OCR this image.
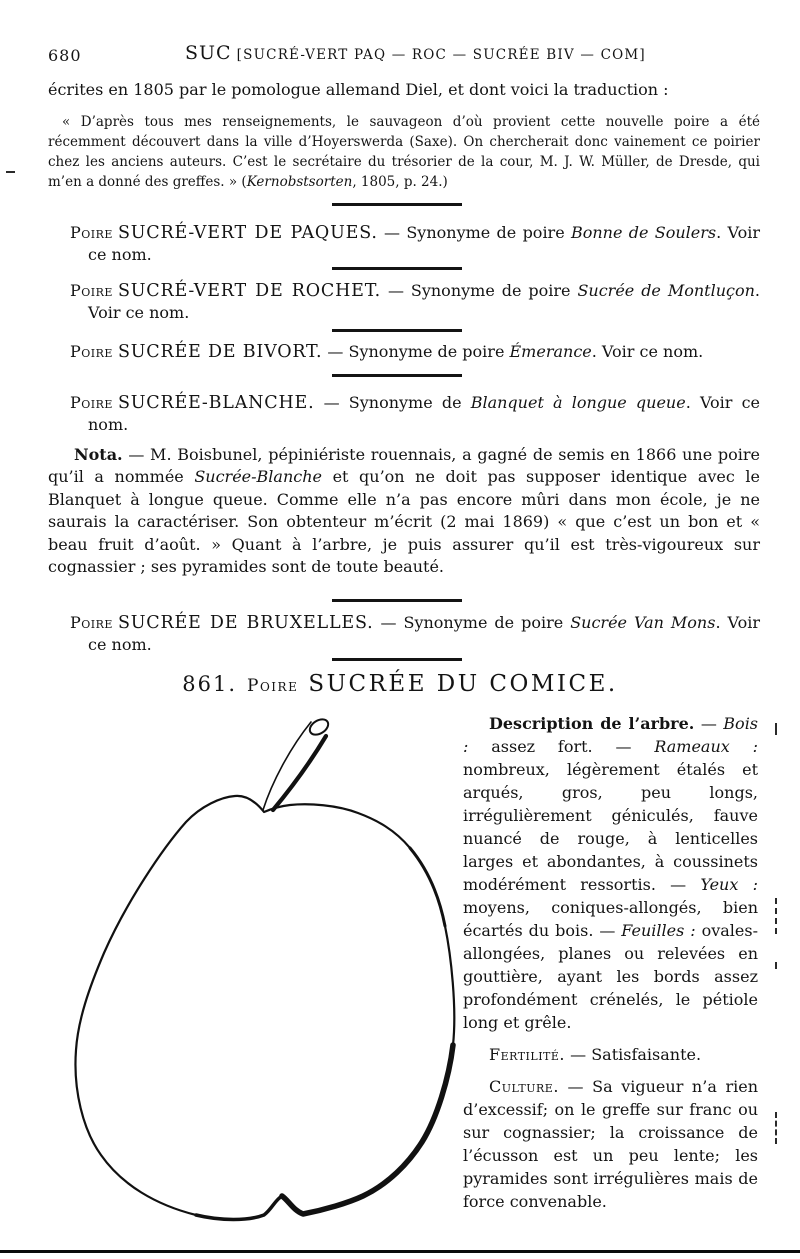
680	SUC [SUCRÉ-VERT PAQ — ROC — SUCRÉE BIV — COM]

écrites en 1805 par le pomologue allemand Diel, et dont voici la traduction :

« D’après tous mes renseignements, le sauvageon d’où provient cette nouvelle poire a été récemment découvert dans la ville d’Hoyerswerda (Saxe). On chercherait donc vainement ce poirier chez les anciens auteurs. C’est le secrétaire du trésorier de la cour, M. J. W. Müller, de Dresde, qui m’en a donné des greffes. » (Kernobstsorten, 1805, p. 24.)

Poire SUCRÉ-VERT DE PAQUES. — Synonyme de poire Bonne de Soulers. Voir ce nom.

Poire SUCRÉ-VERT DE ROCHET. — Synonyme de poire Sucrée de Montluçon. Voir ce nom.

Poire SUCRÉE DE BIVORT. — Synonyme de poire Émerance. Voir ce nom.

Poire SUCRÉE-BLANCHE. — Synonyme de Blanquet à longue queue. Voir ce nom.

Nota. — M. Boisbunel, pépiniériste rouennais, a gagné de semis en 1866 une poire qu’il a nommée Sucrée-Blanche et qu’on ne doit pas supposer identique avec le Blanquet à longue queue. Comme elle n’a pas encore mûri dans mon école, je ne saurais la caractériser. Son obtenteur m’écrit (2 mai 1869) « que c’est un bon et « beau fruit d’août. » Quant à l’arbre, je puis assurer qu’il est très-vigoureux sur cognassier ; ses pyramides sont de toute beauté.

Poire SUCRÉE DE BRUXELLES. — Synonyme de poire Sucrée Van Mons. Voir ce nom.

861. Poire SUCRÉE DU COMICE.

Description de l’arbre. — Bois : assez fort. — Rameaux : nombreux, légèrement étalés et arqués, gros, peu longs, irrégulièrement géniculés, fauve nuancé de rouge, à lenticelles larges et abondantes, à coussinets modérément ressortis. — Yeux : moyens, coniques-allongés, bien écartés du bois. — Feuilles : ovales-allongées, planes ou relevées en gouttière, ayant les bords assez profondément crénelés, le pétiole long et grêle.

Fertilité. — Satisfaisante.

Culture. — Sa vigueur n’a rien d’excessif; on le greffe sur franc ou sur cognassier; la croissance de l’écusson est un peu lente; les pyramides sont irrégulières mais de force convenable.
